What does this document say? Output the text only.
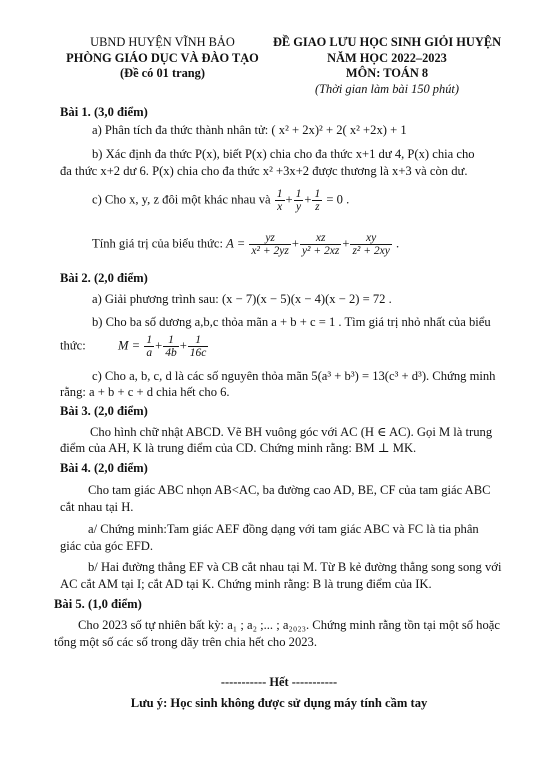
UBND HUYỆN VĨNH BẢO
PHÒNG GIÁO DỤC VÀ ĐÀO TẠO
(Đề có 01 trang)
ĐỀ GIAO LƯU HỌC SINH GIỎI HUYỆN
NĂM HỌC 2022–2023
MÔN: TOÁN 8
(Thời gian làm bài 150 phút)
Bài 1. (3,0 điểm)
a) Phân tích đa thức thành nhân tử: ( x² + 2x)² + 2( x² +2x) + 1
b) Xác định đa thức P(x), biết P(x) chia cho đa thức x+1 dư 4, P(x) chia cho
đa thức x+2 dư 6. P(x) chia cho đa thức x² +3x+2 được thương là x+3 và còn dư.
c) Cho x, y, z đôi một khác nhau và $\frac{1}{x} + \frac{1}{y} + \frac{1}{z} = 0$ .
Tính giá trị của biểu thức: $A = \frac{yz}{\text{x² + 2yz}} + \frac{xz}{\text{y² + 2xz}} + \frac{xy}{\text{z² + 2xy}}$ .
Bài 2. (2,0 điểm)
a) Giải phương trình sau: (x − 7)(x − 5)(x − 4)(x − 2) = 72 .
b) Cho ba số dương a,b,c thỏa mãn a + b + c = 1 . Tìm giá trị nhỏ nhất của biểu
thức:	$M = \frac{1}{a} + \frac{1}{4b} + \frac{1}{16c}$
c) Cho a, b, c, d là các số nguyên thỏa mãn 5(a³ + b³) = 13(c³ + d³). Chứng minh
rằng: a + b + c + d chia hết cho 6.
Bài 3. (2,0 điểm)
Cho hình chữ nhật ABCD. Vẽ BH vuông góc với AC (H ∈ AC). Gọi M là trung
điểm của AH, K là trung điểm của CD. Chứng minh rằng: BM ⊥ MK.
Bài 4. (2,0 điểm)
Cho tam giác ABC nhọn AB<AC, ba đường cao AD, BE, CF của tam giác ABC
cắt nhau tại H.
a/ Chứng minh:Tam giác AEF đồng dạng với tam giác ABC và FC là tia phân
giác của góc EFD.
b/ Hai đường thẳng EF và CB cắt nhau tại M. Từ B kẻ đường thẳng song song với
AC cắt AM tại I; cắt AD tại K. Chứng minh rằng: B là trung điểm của IK.
Bài 5. (1,0 điểm)
Cho 2023 số tự nhiên bất kỳ: a₁ ; a₂ ;... ; a₂₀₂₃. Chứng minh rằng tồn tại một số hoặc
tổng một số các số trong dãy trên chia hết cho 2023.
----------- Hết -----------
Lưu ý: Học sinh không được sử dụng máy tính cầm tay
